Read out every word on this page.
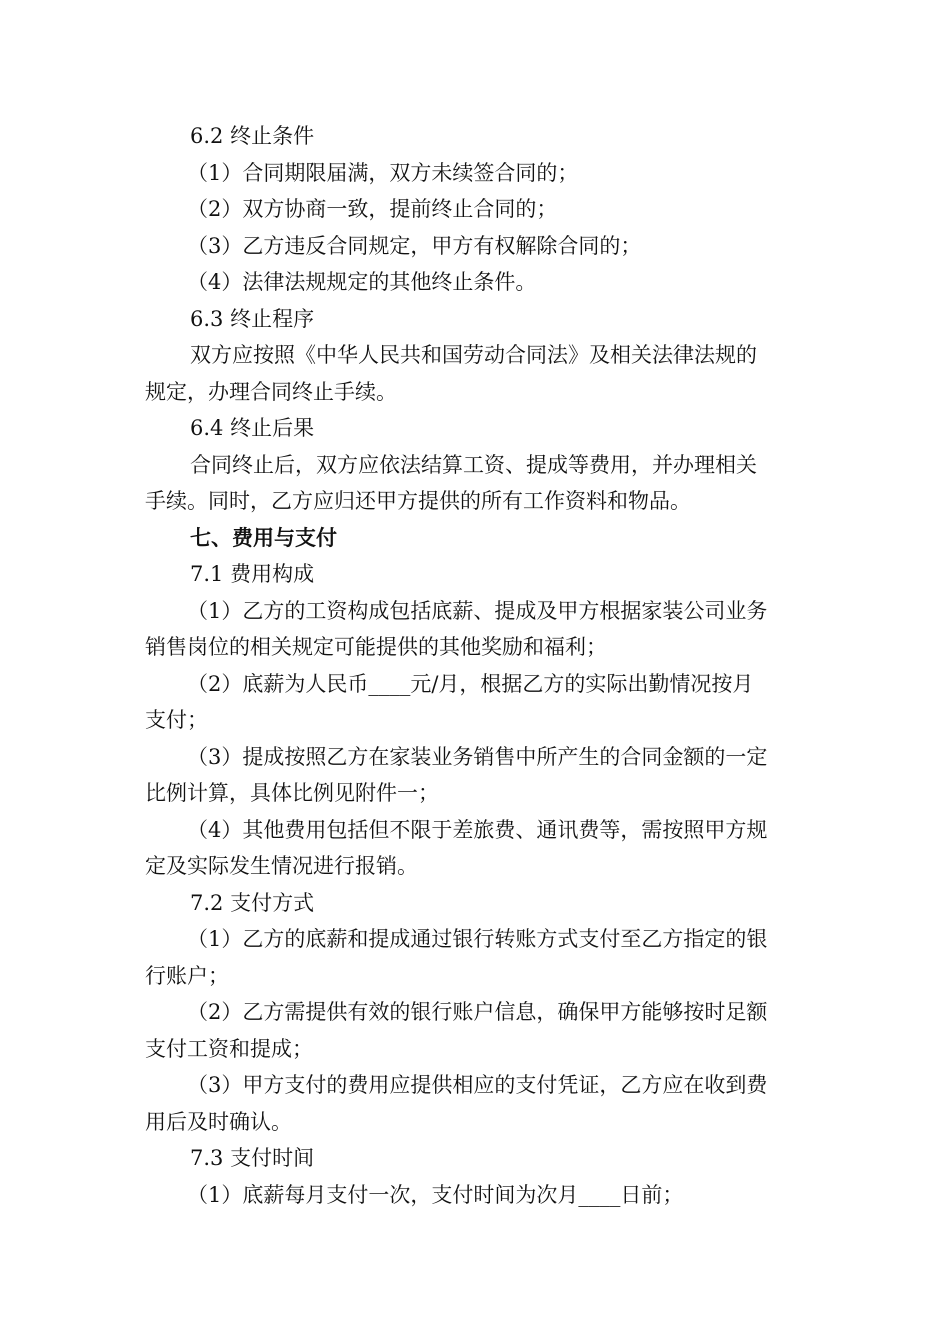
6.2 终止条件

（1）合同期限届满，双方未续签合同的；

（2）双方协商一致，提前终止合同的；

（3）乙方违反合同规定，甲方有权解除合同的；

（4）法律法规规定的其他终止条件。

6.3 终止程序

双方应按照《中华人民共和国劳动合同法》及相关法律法规的

规定，办理合同终止手续。

6.4 终止后果

合同终止后，双方应依法结算工资、提成等费用，并办理相关

手续。同时，乙方应归还甲方提供的所有工作资料和物品。

七、费用与支付

7.1 费用构成

（1）乙方的工资构成包括底薪、提成及甲方根据家装公司业务

销售岗位的相关规定可能提供的其他奖励和福利；

（2）底薪为人民币____元/月，根据乙方的实际出勤情况按月

支付；

（3）提成按照乙方在家装业务销售中所产生的合同金额的一定

比例计算，具体比例见附件一；

（4）其他费用包括但不限于差旅费、通讯费等，需按照甲方规

定及实际发生情况进行报销。

7.2 支付方式

（1）乙方的底薪和提成通过银行转账方式支付至乙方指定的银

行账户；

（2）乙方需提供有效的银行账户信息，确保甲方能够按时足额

支付工资和提成；

（3）甲方支付的费用应提供相应的支付凭证，乙方应在收到费

用后及时确认。

7.3 支付时间

（1）底薪每月支付一次，支付时间为次月____日前；
